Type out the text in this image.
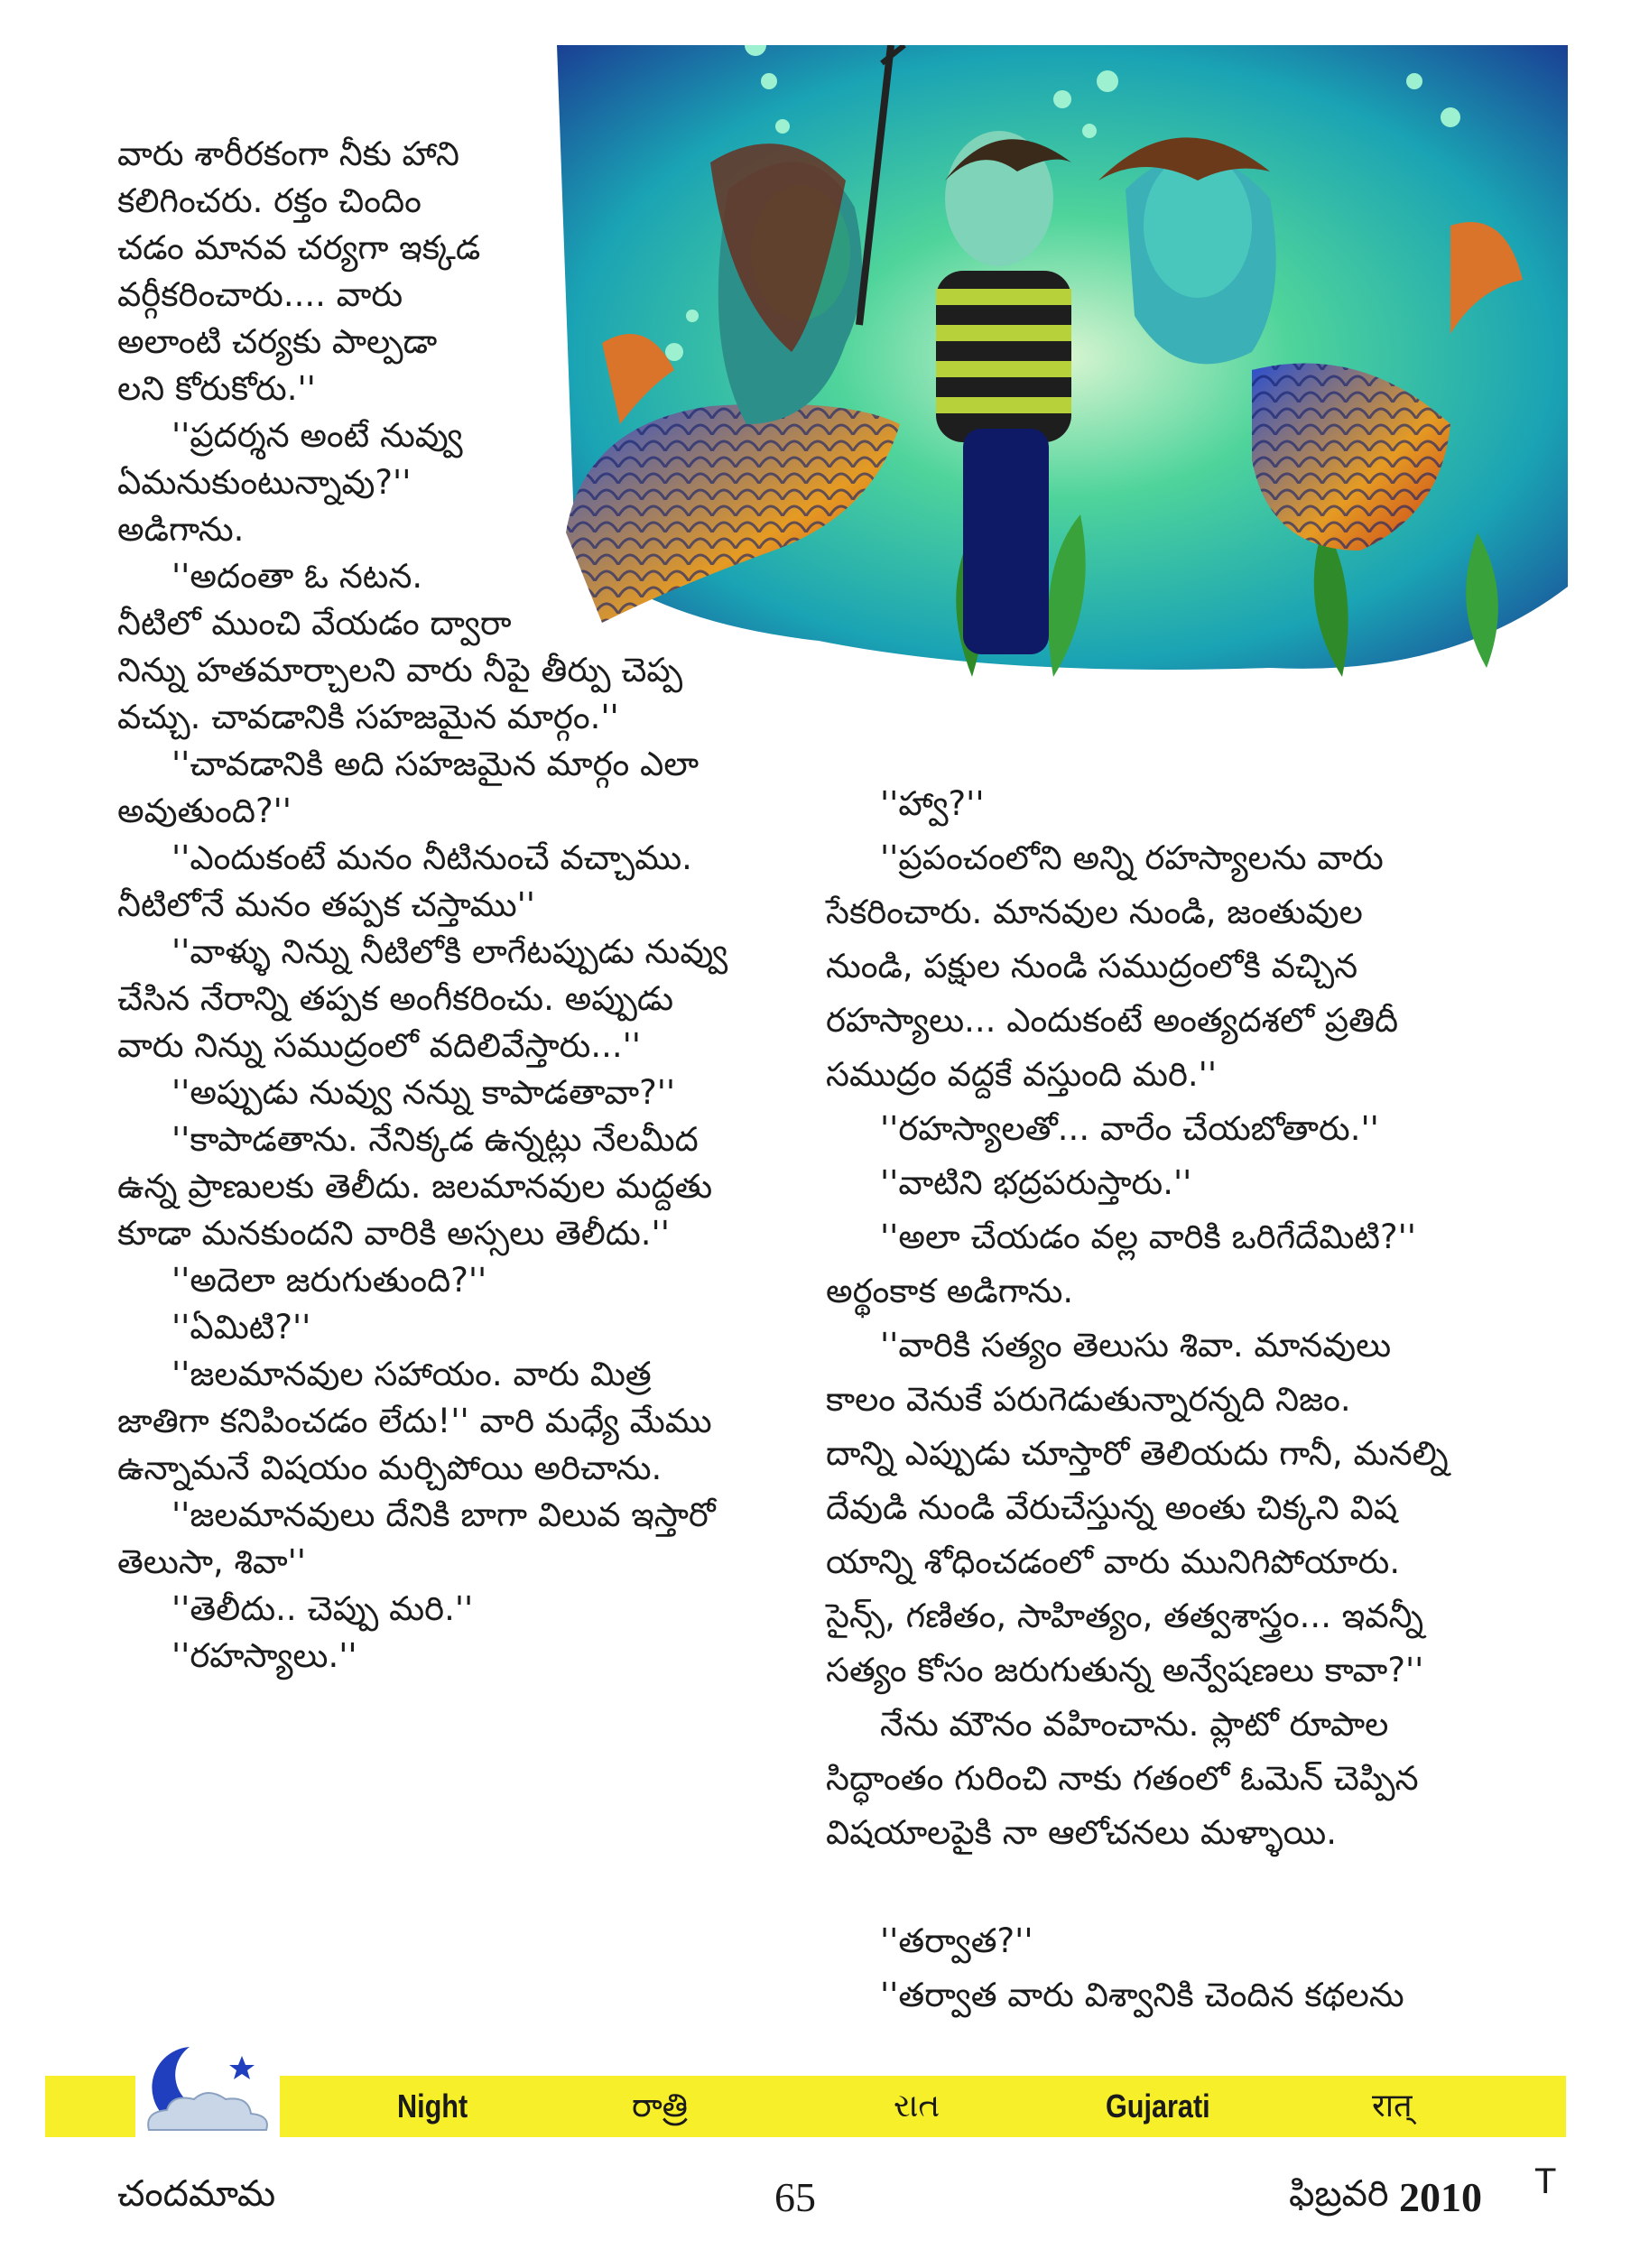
వారు శారీరకంగా నీకు హాని
కలిగించరు. రక్తం చిందిం
చడం మానవ చర్యగా ఇక్కడ
వర్గీకరించారు.... వారు
అలాంటి చర్యకు పాల్పడా
లని కోరుకోరు.''
''ప్రదర్శన అంటే నువ్వు
ఏమనుకుంటున్నావు?''
అడిగాను.
''అదంతా ఓ నటన.
నీటిలో ముంచి వేయడం ద్వారా
నిన్ను హతమార్చాలని వారు నీపై తీర్పు చెప్ప
వచ్చు. చావడానికి సహజమైన మార్గం.''
''చావడానికి అది సహజమైన మార్గం ఎలా
అవుతుంది?''
''ఎందుకంటే మనం నీటినుంచే వచ్చాము.
నీటిలోనే మనం తప్పక చస్తాము''
''వాళ్ళు నిన్ను నీటిలోకి లాగేటప్పుడు నువ్వు
చేసిన నేరాన్ని తప్పక అంగీకరించు. అప్పుడు
వారు నిన్ను సముద్రంలో వదిలివేస్తారు...''
''అప్పుడు నువ్వు నన్ను కాపాడతావా?''
''కాపాడతాను. నేనిక్కడ ఉన్నట్లు నేలమీద
ఉన్న ప్రాణులకు తెలీదు. జలమానవుల మద్దతు
కూడా మనకుందని వారికి అస్సలు తెలీదు.''
''అదెలా జరుగుతుంది?''
''ఏమిటి?''
''జలమానవుల సహాయం. వారు మిత్ర
జాతిగా కనిపించడం లేదు!'' వారి మధ్యే మేము
ఉన్నామనే విషయం మర్చిపోయి అరిచాను.
''జలమానవులు దేనికి బాగా విలువ ఇస్తారో
తెలుసా, శివా''
''తెలీదు.. చెప్పు మరి.''
''రహస్యాలు.''
''హ్వా?''
''ప్రపంచంలోని అన్ని రహస్యాలను వారు
సేకరించారు. మానవుల నుండి, జంతువుల
నుండి, పక్షుల నుండి సముద్రంలోకి వచ్చిన
రహస్యాలు... ఎందుకంటే అంత్యదశలో ప్రతిదీ
సముద్రం వద్దకే వస్తుంది మరి.''
''రహస్యాలతో... వారేం చేయబోతారు.''
''వాటిని భద్రపరుస్తారు.''
''అలా చేయడం వల్ల వారికి ఒరిగేదేమిటి?''
అర్థంకాక అడిగాను.
''వారికి సత్యం తెలుసు శివా. మానవులు
కాలం వెనుకే పరుగెడుతున్నారన్నది నిజం.
దాన్ని ఎప్పుడు చూస్తారో తెలియదు గానీ, మనల్ని
దేవుడి నుండి వేరుచేస్తున్న అంతు చిక్కని విష
యాన్ని శోధించడంలో వారు మునిగిపోయారు.
సైన్స్, గణితం, సాహిత్యం, తత్వశాస్త్రం... ఇవన్నీ
సత్యం కోసం జరుగుతున్న అన్వేషణలు కావా?''
నేను మౌనం వహించాను. ప్లాటో రూపాల
సిద్ధాంతం గురించి నాకు గతంలో ఓమెన్ చెప్పిన
విషయాలపైకి నా ఆలోచనలు మళ్ళాయి.
''తర్వాత?''
''తర్వాత వారు విశ్వానికి చెందిన కథలను
Night	రాత్రి	રાત	Gujarati	रात्
చందమామ	65	ఫిబ్రవరి 2010 T
